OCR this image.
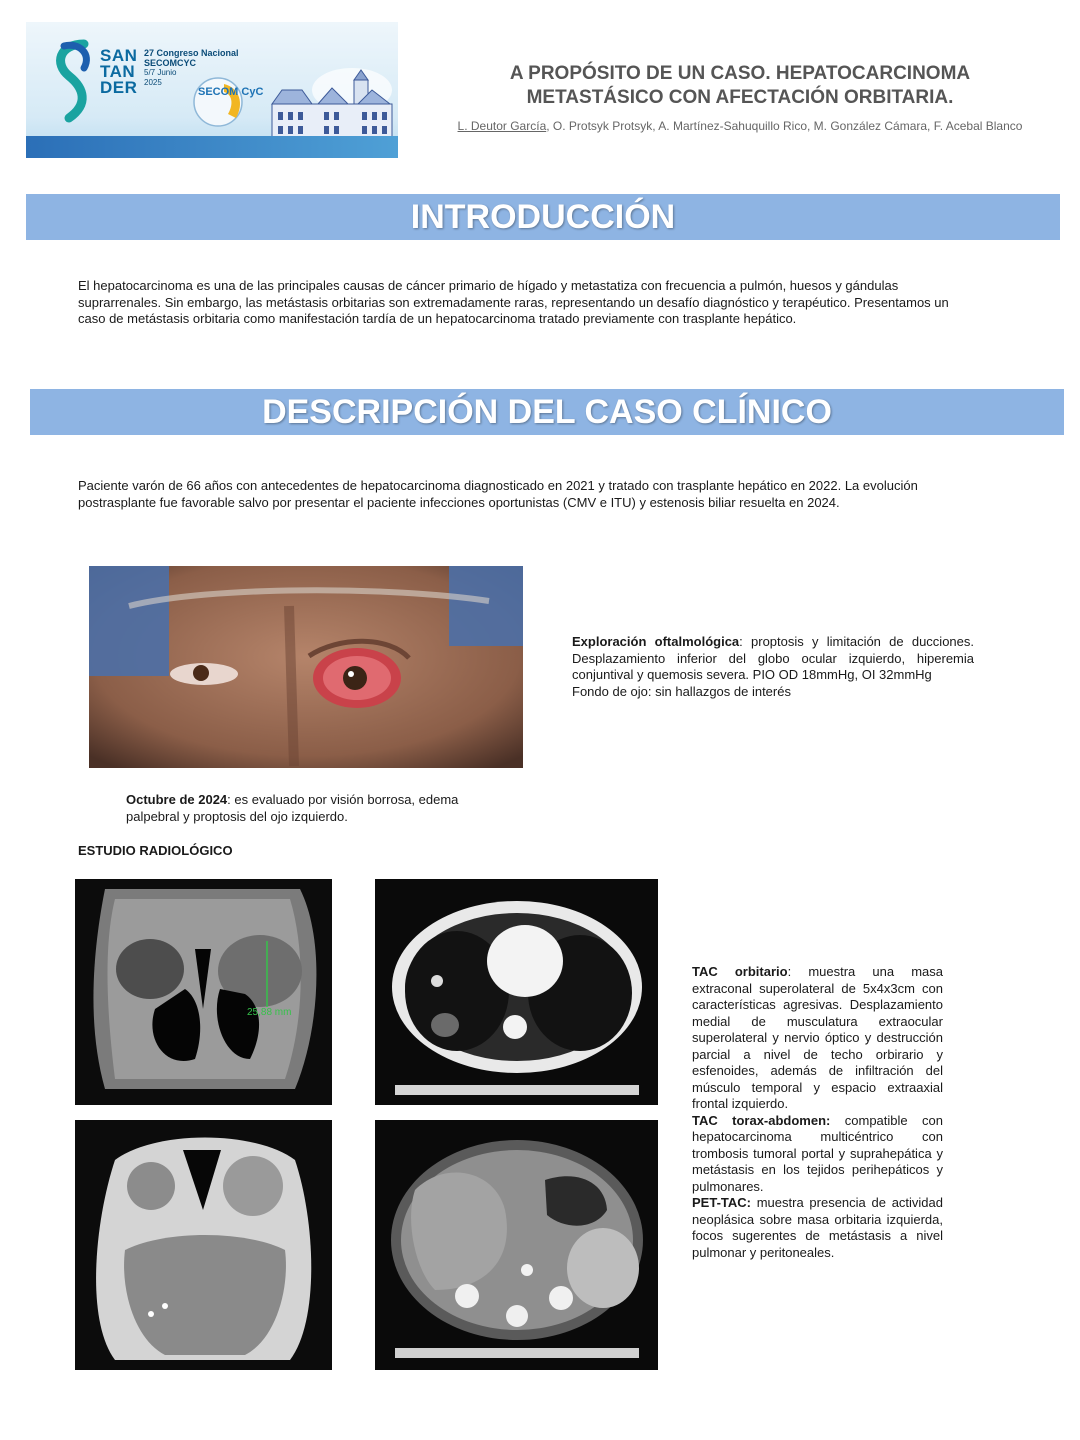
SAN
TAN
DER
27 Congreso Nacional
SECOMCYC
5/7 Junio
2025
SECOM CyC
A PROPÓSITO DE UN CASO. HEPATOCARCINOMA METASTÁSICO CON AFECTACIÓN ORBITARIA.
L. Deutor García, O. Protsyk Protsyk, A. Martínez-Sahuquillo Rico, M. González Cámara, F. Acebal Blanco
INTRODUCCIÓN
El hepatocarcinoma es una de las principales causas de cáncer primario de hígado y metastatiza con frecuencia a pulmón, huesos y gándulas suprarrenales. Sin embargo, las metástasis orbitarias son extremadamente raras, representando un desafío diagnóstico y terapéutico. Presentamos un caso de metástasis orbitaria como manifestación tardía de un hepatocarcinoma tratado previamente con trasplante hepático.
DESCRIPCIÓN DEL CASO CLÍNICO
Paciente varón de 66 años con antecedentes de hepatocarcinoma diagnosticado en 2021 y tratado con trasplante hepático en 2022. La evolución postrasplante fue favorable salvo por presentar el paciente infecciones oportunistas (CMV e ITU) y estenosis biliar resuelta en 2024.
Octubre de 2024: es evaluado por visión borrosa, edema palpebral y proptosis del ojo izquierdo.
Exploración oftalmológica: proptosis y limitación de ducciones. Desplazamiento inferior del globo ocular izquierdo, hiperemia conjuntival y quemosis severa. PIO OD 18mmHg, OI 32mmHg
Fondo de ojo: sin hallazgos de interés
ESTUDIO RADIOLÓGICO
25,88 mm

TAC orbitario: muestra una masa extraconal superolateral de 5x4x3cm con características agresivas. Desplazamiento medial de musculatura extraocular superolateral y nervio óptico y destrucción parcial a nivel de techo orbirario y esfenoides, además de infiltración del músculo temporal y espacio extraaxial frontal izquierdo.

TAC torax-abdomen: compatible con hepatocarcinoma multicéntrico con trombosis tumoral portal y suprahepática y metástasis en los tejidos perihepáticos y pulmonares.

PET-TAC: muestra presencia de actividad neoplásica sobre masa orbitaria izquierda, focos sugerentes de metástasis a nivel pulmonar y peritoneales.
